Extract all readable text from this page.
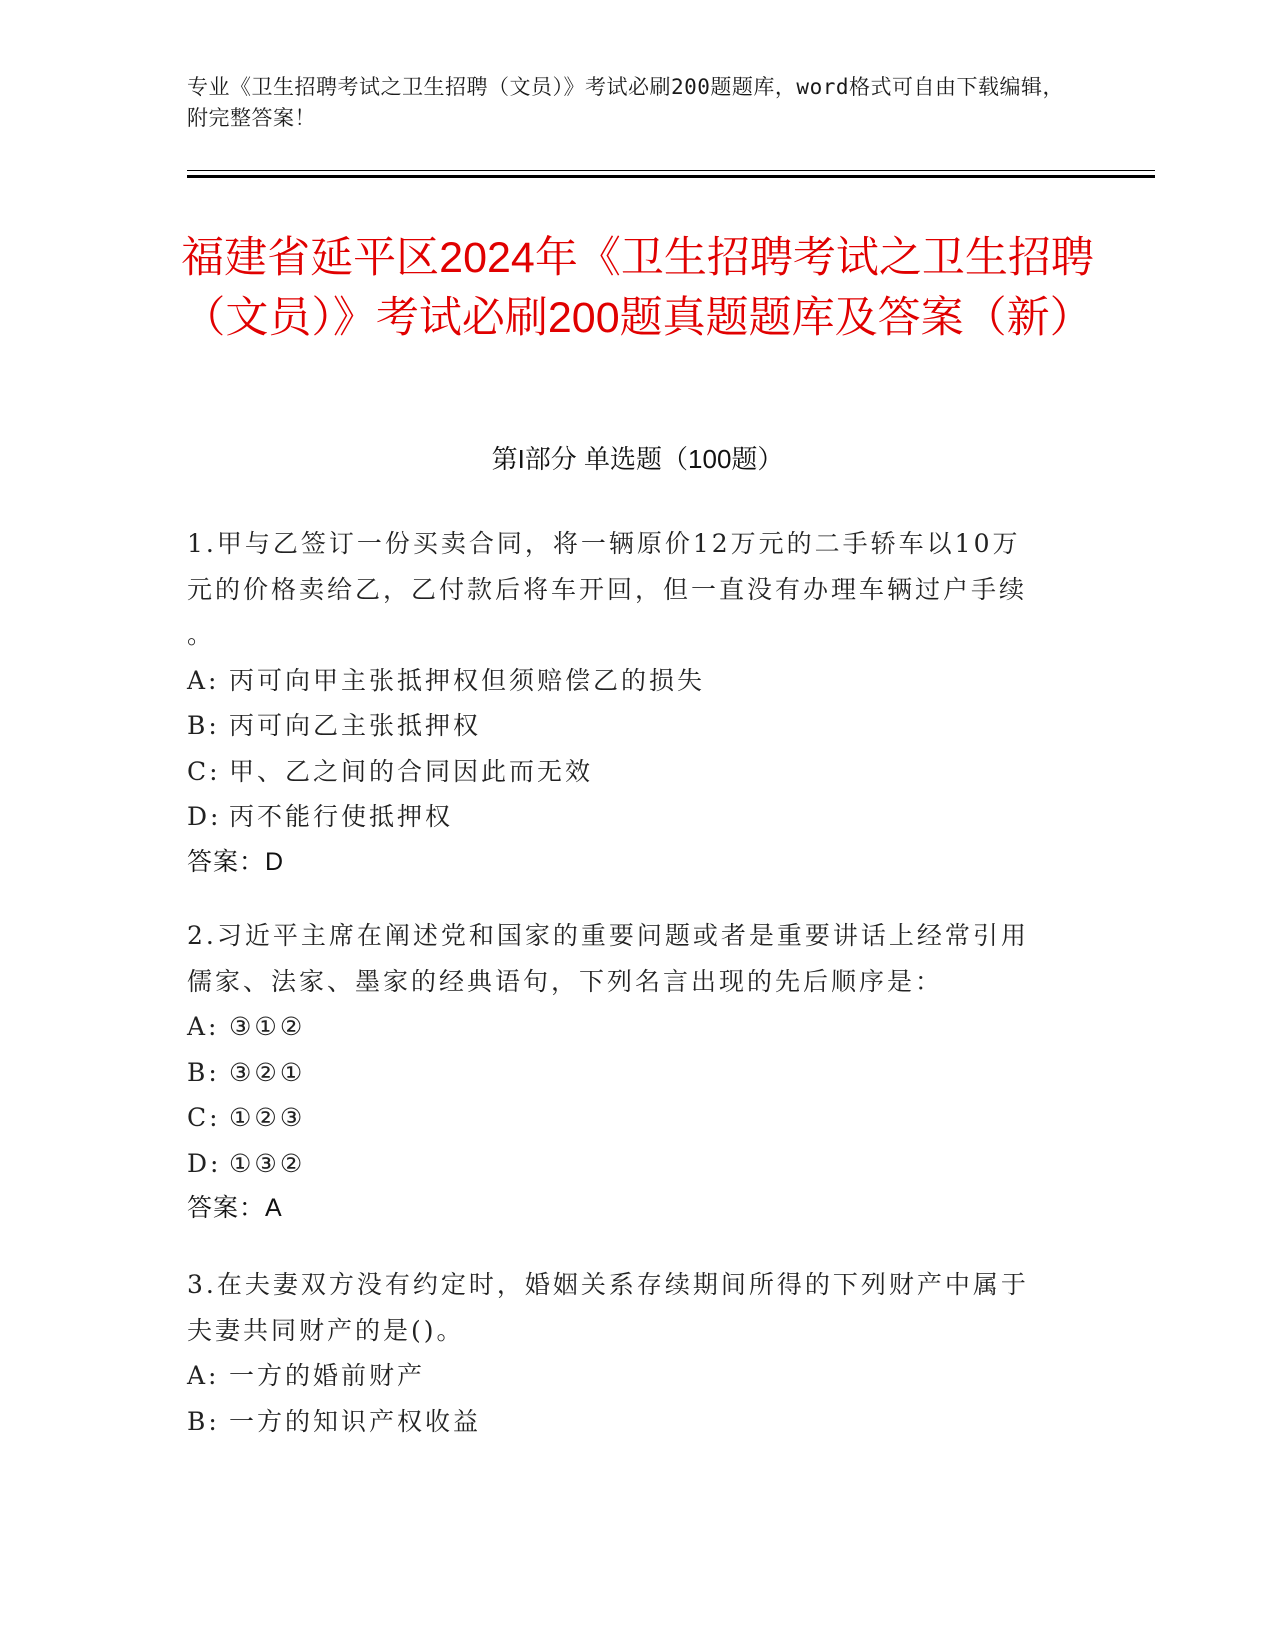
专业《卫生招聘考试之卫生招聘（文员）》考试必刷200题题库，word格式可自由下载编辑，附完整答案！
福建省延平区2024年《卫生招聘考试之卫生招聘（文员）》考试必刷200题真题题库及答案（新）
第I部分 单选题（100题）
1.甲与乙签订一份买卖合同，将一辆原价12万元的二手轿车以10万
元的价格卖给乙，乙付款后将车开回，但一直没有办理车辆过户手续
。
A: 丙可向甲主张抵押权但须赔偿乙的损失
B: 丙可向乙主张抵押权
C: 甲、乙之间的合同因此而无效
D: 丙不能行使抵押权
答案：D
2.习近平主席在阐述党和国家的重要问题或者是重要讲话上经常引用
儒家、法家、墨家的经典语句，下列名言出现的先后顺序是：
A: ③①②
B: ③②①
C: ①②③
D: ①③②
答案：A
3.在夫妻双方没有约定时，婚姻关系存续期间所得的下列财产中属于
夫妻共同财产的是()。
A: 一方的婚前财产
B: 一方的知识产权收益
